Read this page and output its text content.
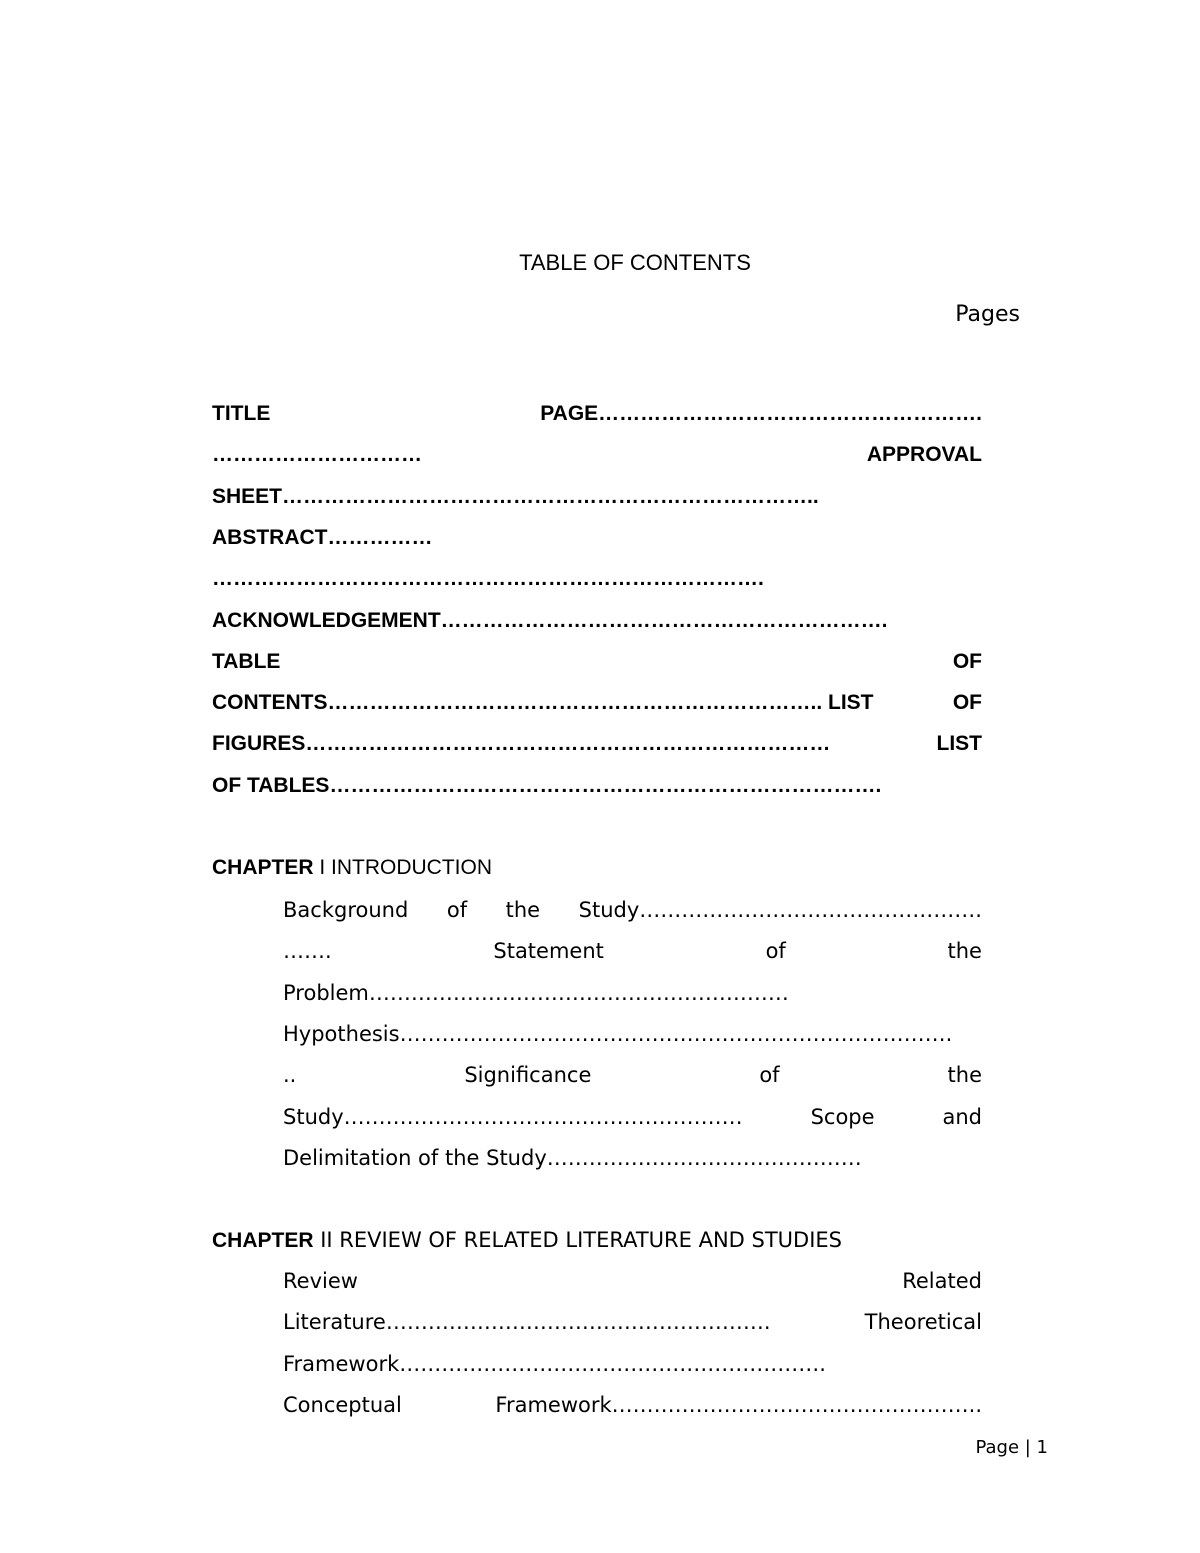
TABLE OF CONTENTS
Pages
TITLE	PAGE……………………………………………….
…………………………	APPROVAL
SHEET…………………………………………………………………..
ABSTRACT……………
…………………………………………………………………….
ACKNOWLEDGEMENT……………………………………………………….
TABLE	OF
CONTENTS…………………………………………………………….. LIST	OF
FIGURES…………………………………………………………………	LIST
OF TABLES…………………………………………………………………….
CHAPTER I INTRODUCTION
Background of the Study………………………………………….
…….	Statement	of	the
Problem……………………………………………………
Hypothesis…………………………………………………………………….
..	Significance	of	the
Study…………………………………………………	Scope	and
Delimitation of the Study………………………………………
CHAPTER II REVIEW OF RELATED LITERATURE AND STUDIES
Review	Related
Literature……………………………………………….	Theoretical
Framework…………………………………………………….
Conceptual	Framework……………………………………………..
Page | 1
